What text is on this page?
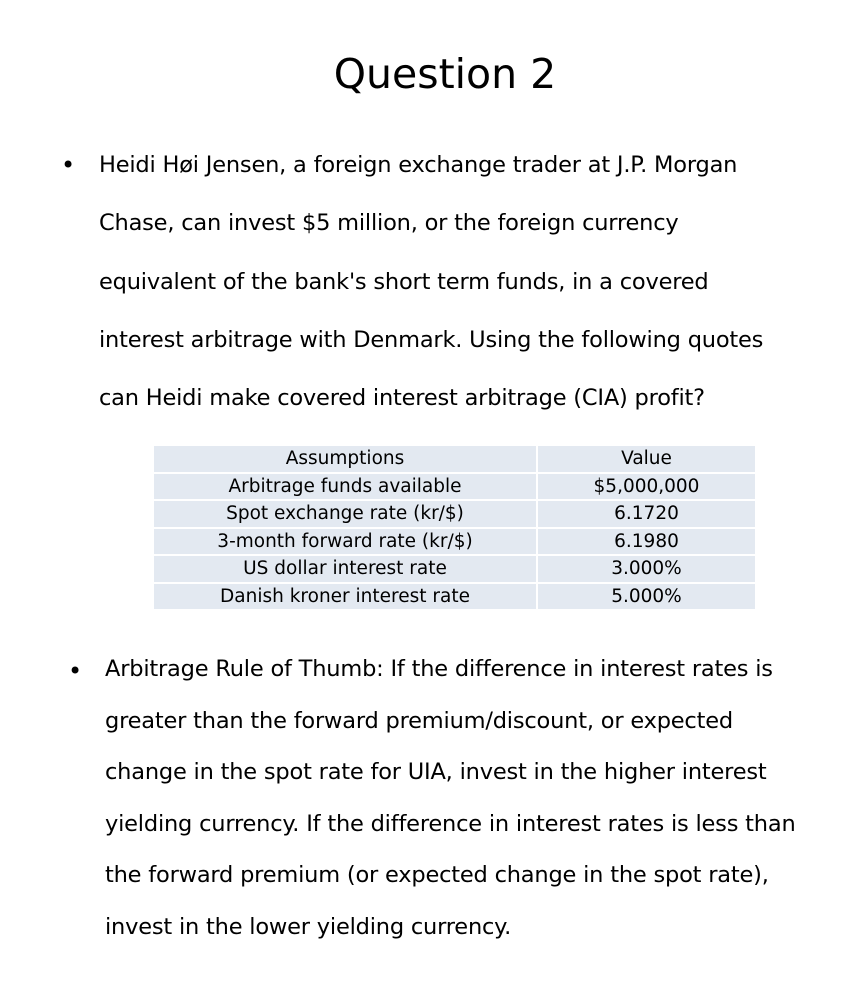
Question 2
• Heidi Høi Jensen, a foreign exchange trader at J.P. Morgan
Chase, can invest $5 million, or the foreign currency
equivalent of the bank's short term funds, in a covered
interest arbitrage with Denmark. Using the following quotes
can Heidi make covered interest arbitrage (CIA) profit?
Assumptions	Value
Arbitrage funds available	$5,000,000
Spot exchange rate (kr/$)	6.1720
3-month forward rate (kr/$)	6.1980
US dollar interest rate	3.000%
Danish kroner interest rate	5.000%
• Arbitrage Rule of Thumb: If the difference in interest rates is
greater than the forward premium/discount, or expected
change in the spot rate for UIA, invest in the higher interest
yielding currency. If the difference in interest rates is less than
the forward premium (or expected change in the spot rate),
invest in the lower yielding currency.
